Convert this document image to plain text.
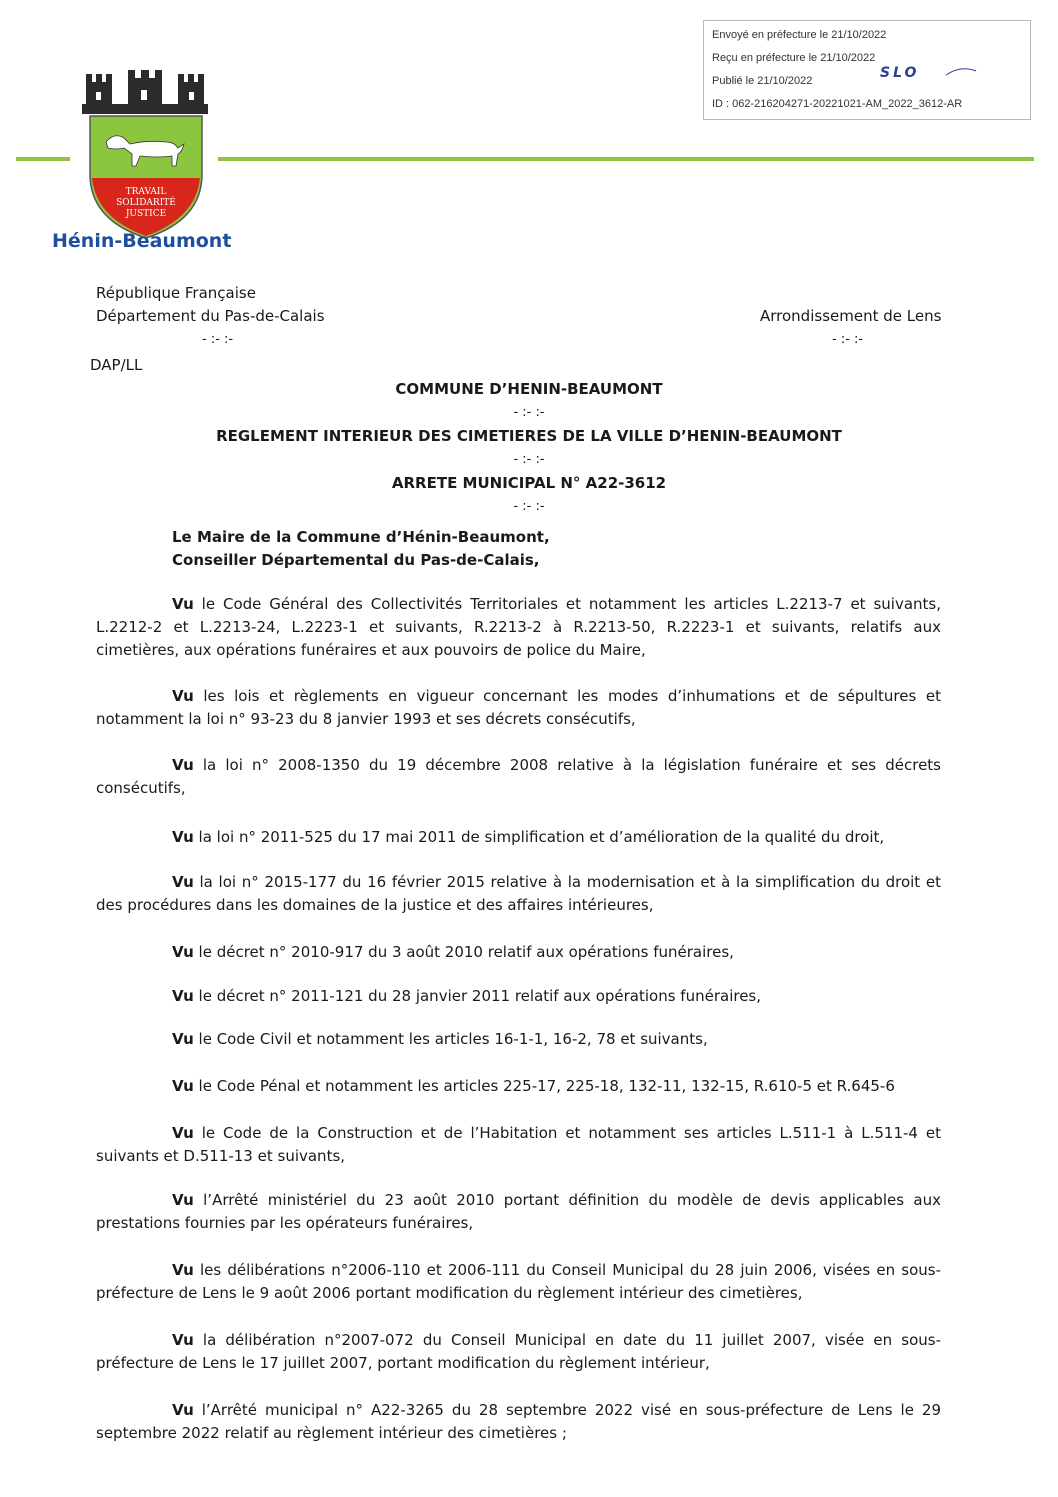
Envoyé en préfecture le 21/10/2022
Reçu en préfecture le 21/10/2022
Publié le 21/10/2022
ID : 062-216204271-20221021-AM_2022_3612-AR
SLO
TRAVAIL
SOLIDARITÉ
JUSTICE
Hénin-Beaumont
République Française
Département du Pas-de-Calais
- :- :-
DAP/LL
Arrondissement de Lens
- :- :-
COMMUNE D’HENIN-BEAUMONT
- :- :-
REGLEMENT INTERIEUR DES CIMETIERES DE LA VILLE D’HENIN-BEAUMONT
- :- :-
ARRETE MUNICIPAL N° A22-3612
- :- :-
Le Maire de la Commune d’Hénin-Beaumont,
Conseiller Départemental du Pas-de-Calais,
Vu le Code Général des Collectivités Territoriales et notamment les articles L.2213-7 et suivants, L.2212-2 et L.2213-24, L.2223-1 et suivants, R.2213-2 à R.2213-50, R.2223-1 et suivants, relatifs aux cimetières, aux opérations funéraires et aux pouvoirs de police du Maire,
Vu les lois et règlements en vigueur concernant les modes d’inhumations et de sépultures et notamment la loi n° 93-23 du 8 janvier 1993 et ses décrets consécutifs,
Vu la loi n° 2008-1350 du 19 décembre 2008 relative à la législation funéraire et ses décrets consécutifs,
Vu la loi n° 2011-525 du 17 mai 2011 de simplification et d’amélioration de la qualité du droit,
Vu la loi n° 2015-177 du 16 février 2015 relative à la modernisation et à la simplification du droit et des procédures dans les domaines de la justice et des affaires intérieures,
Vu le décret n° 2010-917 du 3 août 2010 relatif aux opérations funéraires,
Vu le décret n° 2011-121 du 28 janvier 2011 relatif aux opérations funéraires,
Vu le Code Civil et notamment les articles 16-1-1, 16-2, 78 et suivants,
Vu le Code Pénal et notamment les articles 225-17, 225-18, 132-11, 132-15, R.610-5 et R.645-6
Vu le Code de la Construction et de l’Habitation et notamment ses articles L.511-1 à L.511-4 et suivants et D.511-13 et suivants,
Vu l’Arrêté ministériel du 23 août 2010 portant définition du modèle de devis applicables aux prestations fournies par les opérateurs funéraires,
Vu les délibérations n°2006-110 et 2006-111 du Conseil Municipal du 28 juin 2006, visées en sous-préfecture de Lens le 9 août 2006 portant modification du règlement intérieur des cimetières,
Vu la délibération n°2007-072 du Conseil Municipal en date du 11 juillet 2007, visée en sous-préfecture de Lens le 17 juillet 2007, portant modification du règlement intérieur,
Vu l’Arrêté municipal n° A22-3265 du 28 septembre 2022 visé en sous-préfecture de Lens le 29 septembre 2022 relatif au règlement intérieur des cimetières ;
